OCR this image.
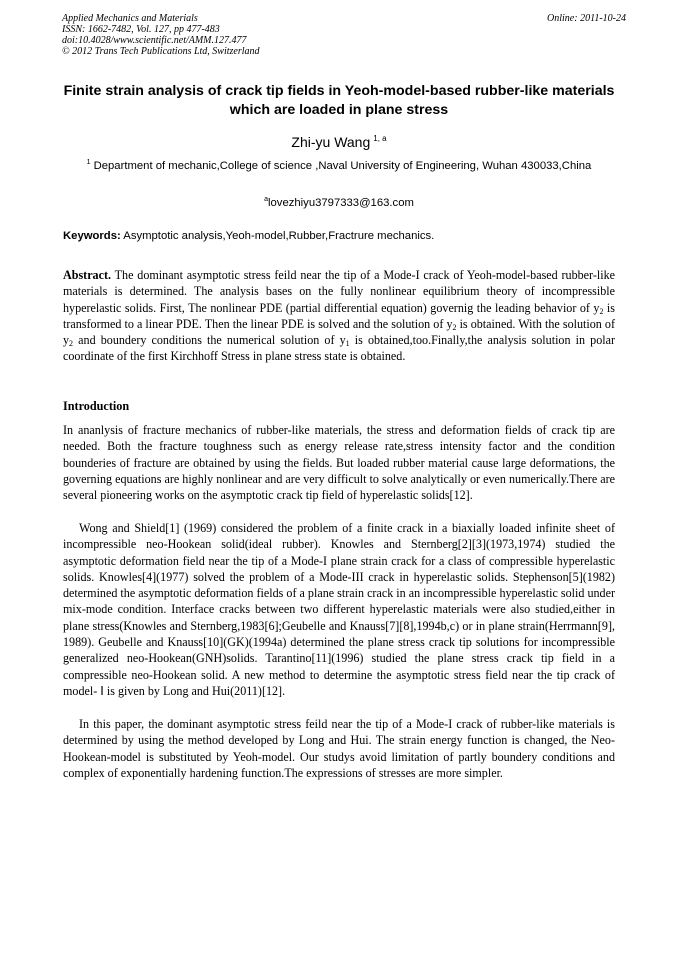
Applied Mechanics and Materials
ISSN: 1662-7482, Vol. 127, pp 477-483
doi:10.4028/www.scientific.net/AMM.127.477
© 2012 Trans Tech Publications Ltd, Switzerland
Online: 2011-10-24
Finite strain analysis of crack tip fields in Yeoh-model-based rubber-like materials which are loaded in plane stress
Zhi-yu Wang $^{1, a}$
$^1$ Department of mechanic,College of science ,Naval University of Engineering, Wuhan 430033,China
$^a$lovezhiyu3797333@163.com
Keywords: Asymptotic analysis,Yeoh-model,Rubber,Fractrure mechanics.
Abstract. The dominant asymptotic stress feild near the tip of a Mode-I crack of Yeoh-model-based rubber-like materials is determined. The analysis bases on the fully nonlinear equilibrium theory of incompressible hyperelastic solids. First, The nonlinear PDE (partial differential equation) governig the leading behavior of $y_2$ is transformed to a linear PDE. Then the linear PDE is solved and the solution of $y_2$ is obtained. With the solution of $y_2$ and boundery conditions the numerical solution of $y_1$ is obtained,too.Finally,the analysis solution in polar coordinate of the first Kirchhoff Stress in plane stress state is obtained.
Introduction
In ananlysis of fracture mechanics of rubber-like materials, the stress and deformation fields of crack tip are needed. Both the fracture toughness such as energy release rate,stress intensity factor and the condition bounderies of fracture are obtained by using the fields. But loaded rubber material cause large deformations, the governing equations are highly nonlinear and are very difficult to solve analytically or even numerically.There are several pioneering works on the asymptotic crack tip field of hyperelastic solids[12].
Wong and Shield[1] (1969) considered the problem of a finite crack in a biaxially loaded infinite sheet of incompressible neo-Hookean solid(ideal rubber). Knowles and Sternberg[2][3](1973,1974) studied the asymptotic deformation field near the tip of a Mode-I plane strain crack for a class of compressible hyperelastic solids. Knowles[4](1977) solved the problem of a Mode-III crack in hyperelastic solids. Stephenson[5](1982) determined the asymptotic deformation fields of a plane strain crack in an incompressible hyperelastic solid under mix-mode condition. Interface cracks between two different hyperelastic materials were also studied,either in plane stress(Knowles and Sternberg,1983[6];Geubelle and Knauss[7][8],1994b,c) or in plane strain(Herrmann[9], 1989). Geubelle and Knauss[10](GK)(1994a) determined the plane stress crack tip solutions for incompressible generalized neo-Hookean(GNH)solids. Tarantino[11](1996) studied the plane stress crack tip field in a compressible neo-Hookean solid. A new method to determine the asymptotic stress field near the tip crack of model- Ⅰ is given by Long and Hui(2011)[12].
In this paper, the dominant asymptotic stress feild near the tip of a Mode-I crack of rubber-like materials is determined by using the method developed by Long and Hui. The strain energy function is changed, the Neo-Hookean-model is substituted by Yeoh-model. Our studys avoid limitation of partly boundery conditions and complex of exponentially hardening function.The expressions of stresses are more simpler.
